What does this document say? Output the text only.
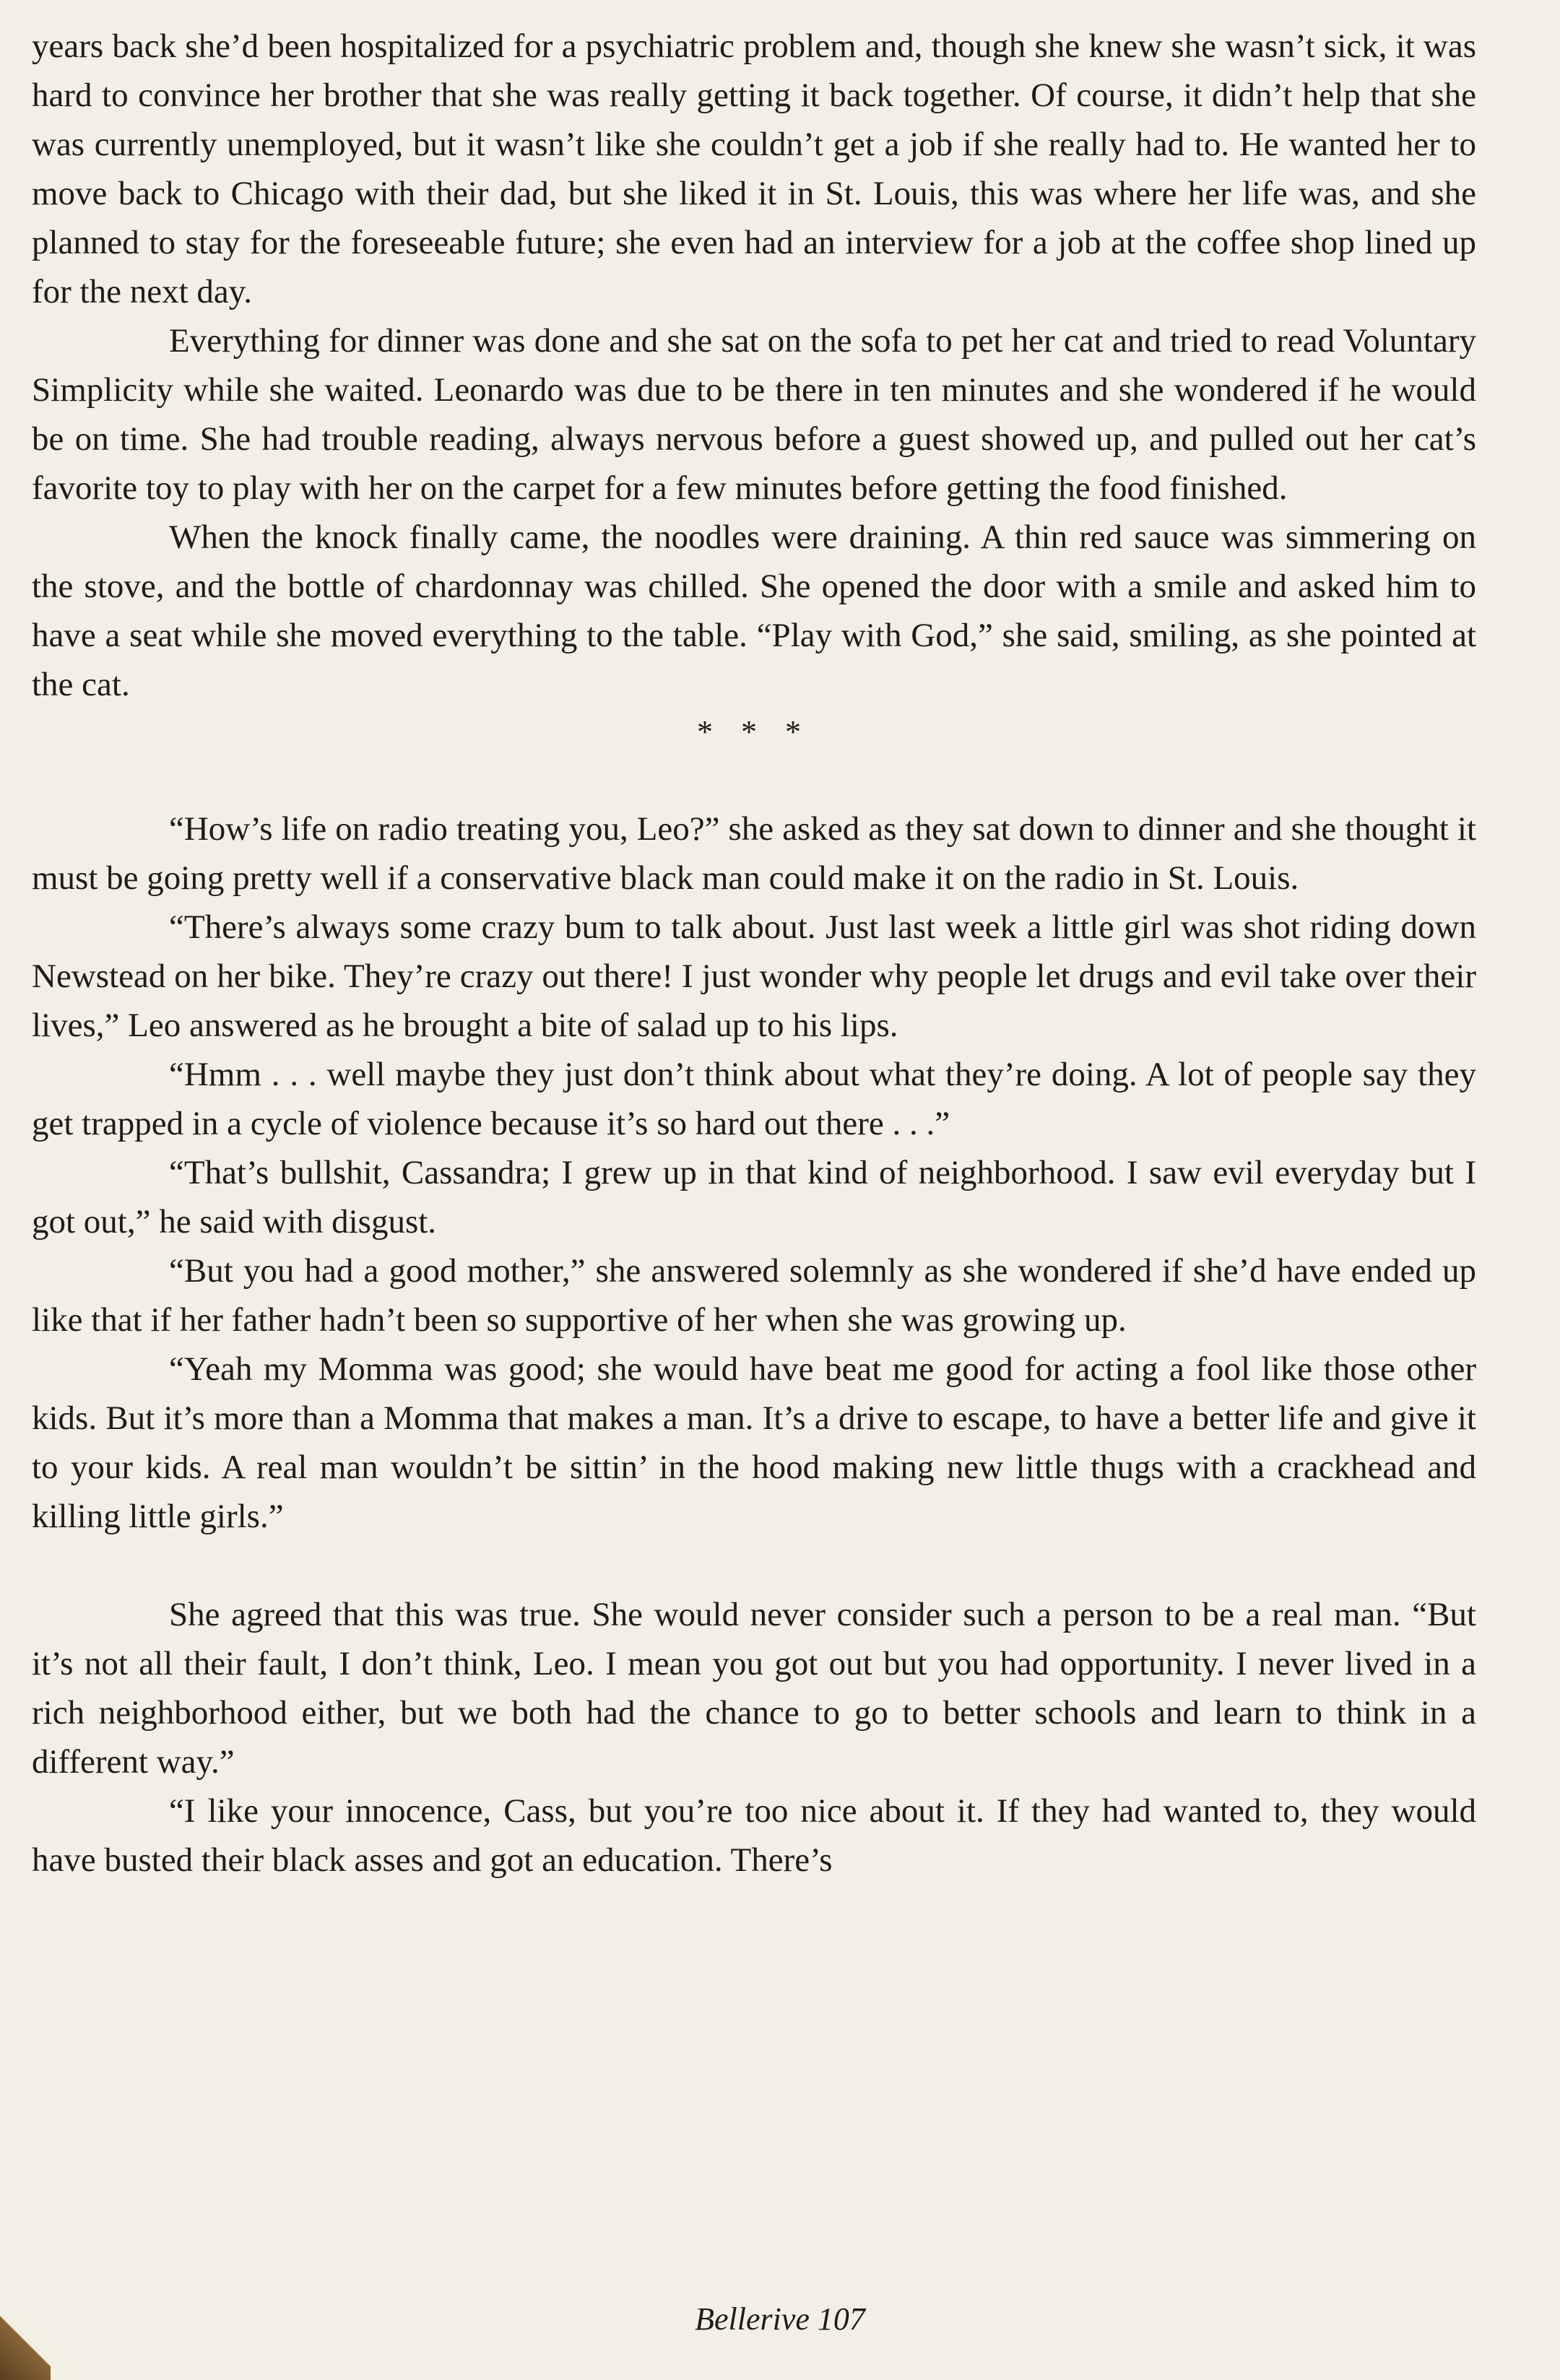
years back she’d been hospitalized for a psychiatric problem and, though she knew she wasn’t sick, it was hard to convince her brother that she was really getting it back together. Of course, it didn’t help that she was currently unemployed, but it wasn’t like she couldn’t get a job if she really had to. He wanted her to move back to Chicago with their dad, but she liked it in St. Louis, this was where her life was, and she planned to stay for the foreseeable future; she even had an interview for a job at the coffee shop lined up for the next day.

Everything for dinner was done and she sat on the sofa to pet her cat and tried to read Voluntary Simplicity while she waited. Leonardo was due to be there in ten minutes and she wondered if he would be on time. She had trouble reading, always nervous before a guest showed up, and pulled out her cat’s favorite toy to play with her on the carpet for a few minutes before getting the food finished.

When the knock finally came, the noodles were draining. A thin red sauce was simmering on the stove, and the bottle of chardonnay was chilled. She opened the door with a smile and asked him to have a seat while she moved everything to the table. “Play with God,” she said, smiling, as she pointed at the cat.

* * *

“How’s life on radio treating you, Leo?” she asked as they sat down to dinner and she thought it must be going pretty well if a conservative black man could make it on the radio in St. Louis.

“There’s always some crazy bum to talk about. Just last week a little girl was shot riding down Newstead on her bike. They’re crazy out there! I just wonder why people let drugs and evil take over their lives,” Leo answered as he brought a bite of salad up to his lips.

“Hmm . . . well maybe they just don’t think about what they’re doing. A lot of people say they get trapped in a cycle of violence because it’s so hard out there . . .”

“That’s bullshit, Cassandra; I grew up in that kind of neighborhood. I saw evil everyday but I got out,” he said with disgust.

“But you had a good mother,” she answered solemnly as she wondered if she’d have ended up like that if her father hadn’t been so supportive of her when she was growing up.

“Yeah my Momma was good; she would have beat me good for acting a fool like those other kids. But it’s more than a Momma that makes a man. It’s a drive to escape, to have a better life and give it to your kids. A real man wouldn’t be sittin’ in the hood making new little thugs with a crackhead and killing little girls.”

She agreed that this was true. She would never consider such a person to be a real man. “But it’s not all their fault, I don’t think, Leo. I mean you got out but you had opportunity. I never lived in a rich neighborhood either, but we both had the chance to go to better schools and learn to think in a different way.”

“I like your innocence, Cass, but you’re too nice about it. If they had wanted to, they would have busted their black asses and got an education. There’s

Bellerive 107
